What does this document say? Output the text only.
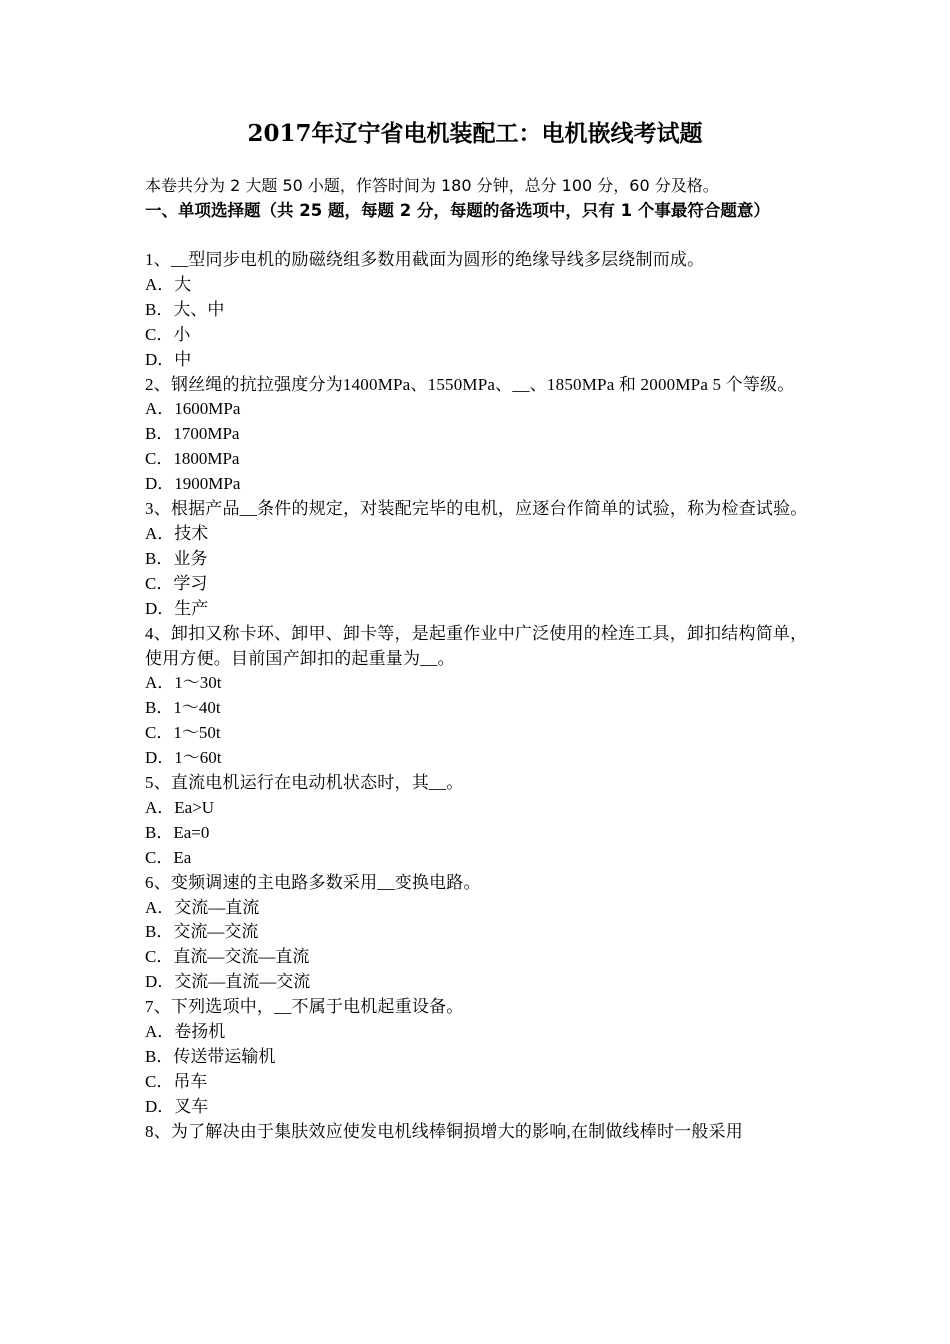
2017年辽宁省电机装配工：电机嵌线考试题
本卷共分为 2 大题 50 小题，作答时间为 180 分钟，总分 100 分，60 分及格。
一、单项选择题（共 25 题，每题 2 分，每题的备选项中，只有 1 个事最符合题意）
1、__型同步电机的励磁绕组多数用截面为圆形的绝缘导线多层绕制而成。
A．大
B．大、中
C．小
D．中
2、钢丝绳的抗拉强度分为1400MPa、1550MPa、__、1850MPa 和 2000MPa 5 个等级。
A．1600MPa
B．1700MPa
C．1800MPa
D．1900MPa
3、根据产品__条件的规定，对装配完毕的电机，应逐台作简单的试验，称为检查试验。
A．技术
B．业务
C．学习
D．生产
4、卸扣又称卡环、卸甲、卸卡等，是起重作业中广泛使用的栓连工具，卸扣结构简单，使用方便。目前国产卸扣的起重量为__。
A．1～30t
B．1～40t
C．1～50t
D．1～60t
5、直流电机运行在电动机状态时，其__。
A．Ea>U
B．Ea=0
C．Ea
6、变频调速的主电路多数采用__变换电路。
A．交流—直流
B．交流—交流
C．直流—交流—直流
D．交流—直流—交流
7、下列选项中，__不属于电机起重设备。
A．卷扬机
B．传送带运输机
C．吊车
D．叉车
8、为了解决由于集肤效应使发电机线棒铜损增大的影响,在制做线棒时一般采用
